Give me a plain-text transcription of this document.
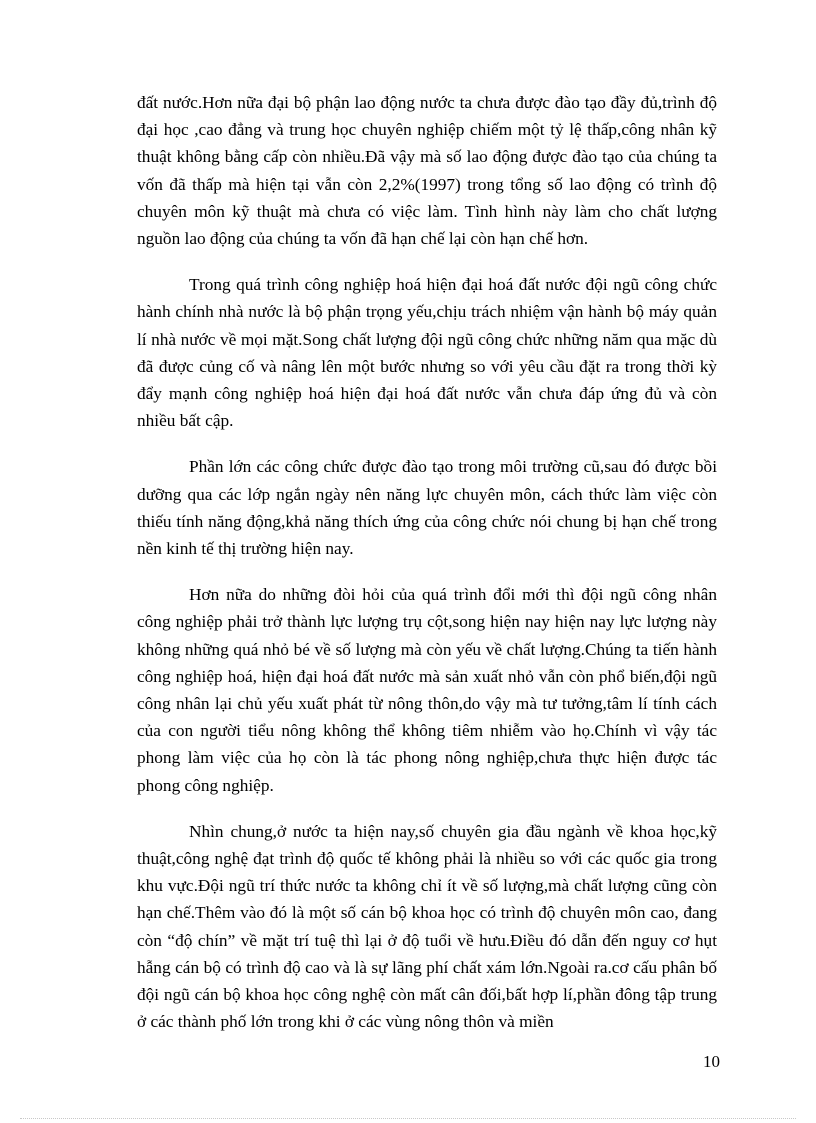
đất nước.Hơn nữa đại bộ phận lao động nước ta chưa được đào tạo đầy đủ,trình độ đại học ,cao đẳng và trung học chuyên nghiệp chiếm một tỷ lệ thấp,công nhân kỹ thuật không bằng cấp còn nhiều.Đã vậy mà số lao động được đào tạo của chúng ta vốn đã thấp mà hiện tại vẫn còn 2,2%(1997) trong tổng số lao động có trình độ chuyên môn kỹ thuật mà chưa có việc làm. Tình hình này làm cho chất lượng nguồn lao động của chúng ta vốn đã hạn chế lại còn hạn chế hơn.

Trong quá trình công nghiệp hoá hiện đại hoá đất nước đội ngũ công chức hành chính nhà nước là bộ phận trọng yếu,chịu trách nhiệm vận hành bộ máy quản lí nhà nước về mọi mặt.Song chất lượng đội ngũ công chức những năm qua mặc dù đã được củng cố và nâng lên một bước nhưng so với yêu cầu đặt ra trong thời kỳ đẩy mạnh công nghiệp hoá hiện đại hoá đất nước vẫn chưa đáp ứng đủ và còn nhiều bất cập.

Phần lớn các công chức được đào tạo trong môi trường cũ,sau đó được bồi dưỡng qua các lớp ngắn ngày nên năng lực chuyên môn, cách thức làm việc còn thiếu tính năng động,khả năng thích ứng của công chức nói chung bị hạn chế trong nền kinh tế thị trường hiện nay.

Hơn nữa do những đòi hỏi của quá trình đổi mới thì đội ngũ công nhân công nghiệp phải trở thành lực lượng trụ cột,song hiện nay hiện nay lực lượng này không những quá nhỏ bé về số lượng mà còn yếu về chất lượng.Chúng ta tiến hành công nghiệp hoá, hiện đại hoá đất nước mà sản xuất nhỏ vẫn còn phổ biến,đội ngũ công nhân lại chủ yếu xuất phát từ nông thôn,do vậy mà tư tưởng,tâm lí tính cách của con người tiểu nông không thể không tiêm nhiễm vào họ.Chính vì vậy tác phong làm việc của họ còn là tác phong nông nghiệp,chưa thực hiện được tác phong công nghiệp.

Nhìn chung,ở nước ta hiện nay,số chuyên gia đầu ngành về khoa học,kỹ thuật,công nghệ đạt trình độ quốc tế không phải là nhiều so với các quốc gia trong khu vực.Đội ngũ trí thức nước ta không chỉ ít về số lượng,mà chất lượng cũng còn hạn chế.Thêm vào đó là một số cán bộ khoa học có trình độ chuyên môn cao, đang còn “độ chín” về mặt trí tuệ thì lại ở độ tuổi về hưu.Điều đó dẫn đến nguy cơ hụt hẫng cán bộ có trình độ cao và là sự lãng phí chất xám lớn.Ngoài ra.cơ cấu phân bố đội ngũ cán bộ khoa học công nghệ còn mất cân đối,bất hợp lí,phần đông tập trung ở các thành phố lớn trong khi ở các vùng nông thôn và miền

10
